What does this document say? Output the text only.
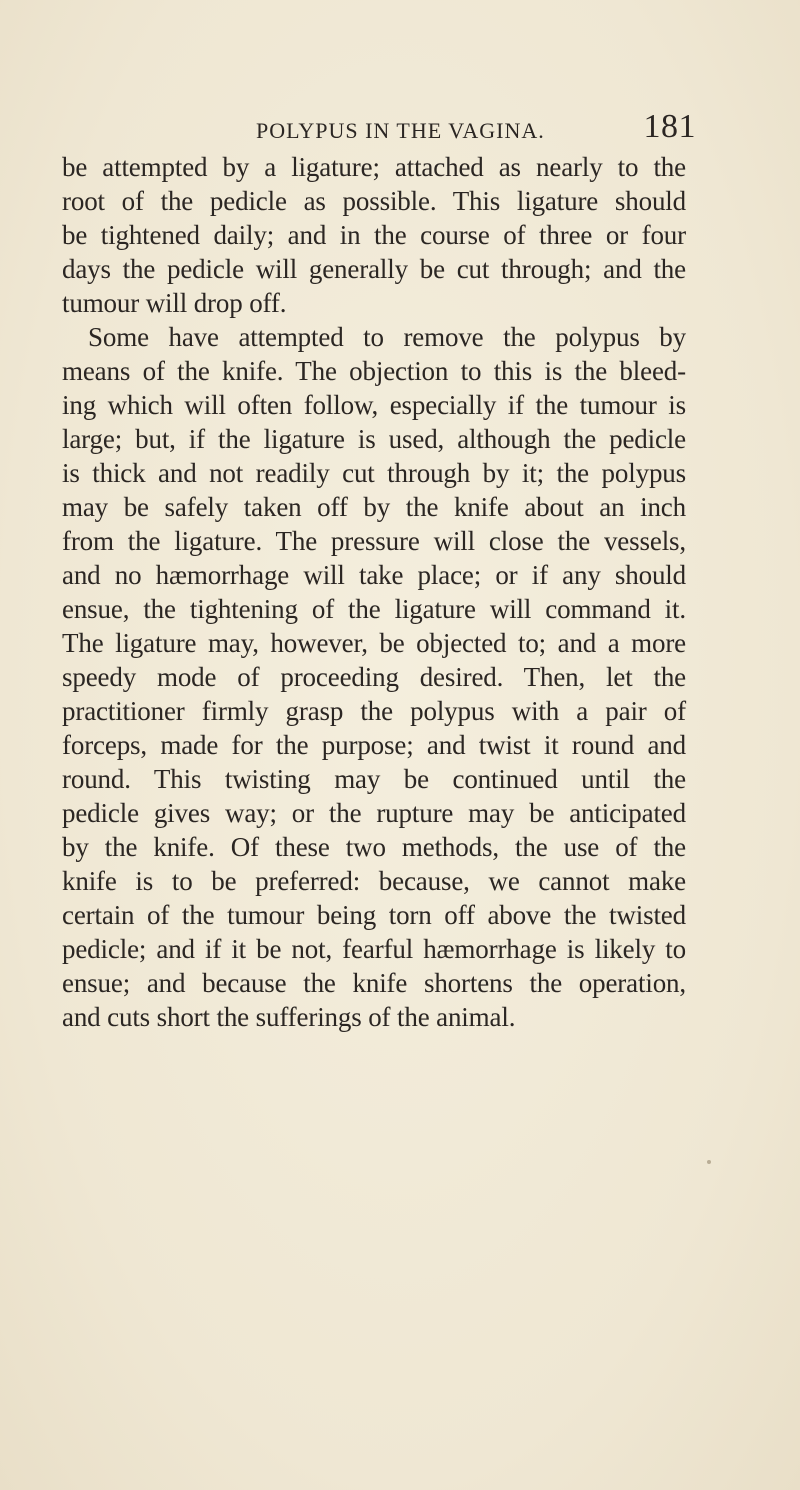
POLYPUS IN THE VAGINA.	181
be attempted by a ligature; attached as nearly to the
root of the pedicle as possible. This ligature should
be tightened daily; and in the course of three or four
days the pedicle will generally be cut through; and the
tumour will drop off.
Some have attempted to remove the polypus by
means of the knife. The objection to this is the bleed-
ing which will often follow, especially if the tumour is
large; but, if the ligature is used, although the pedicle
is thick and not readily cut through by it; the polypus
may be safely taken off by the knife about an inch
from the ligature. The pressure will close the vessels,
and no hæmorrhage will take place; or if any should
ensue, the tightening of the ligature will command it.
The ligature may, however, be objected to; and a more
speedy mode of proceeding desired. Then, let the
practitioner firmly grasp the polypus with a pair of
forceps, made for the purpose; and twist it round and
round. This twisting may be continued until the
pedicle gives way; or the rupture may be anticipated
by the knife. Of these two methods, the use of the
knife is to be preferred: because, we cannot make
certain of the tumour being torn off above the twisted
pedicle; and if it be not, fearful hæmorrhage is likely to
ensue; and because the knife shortens the operation,
and cuts short the sufferings of the animal.
